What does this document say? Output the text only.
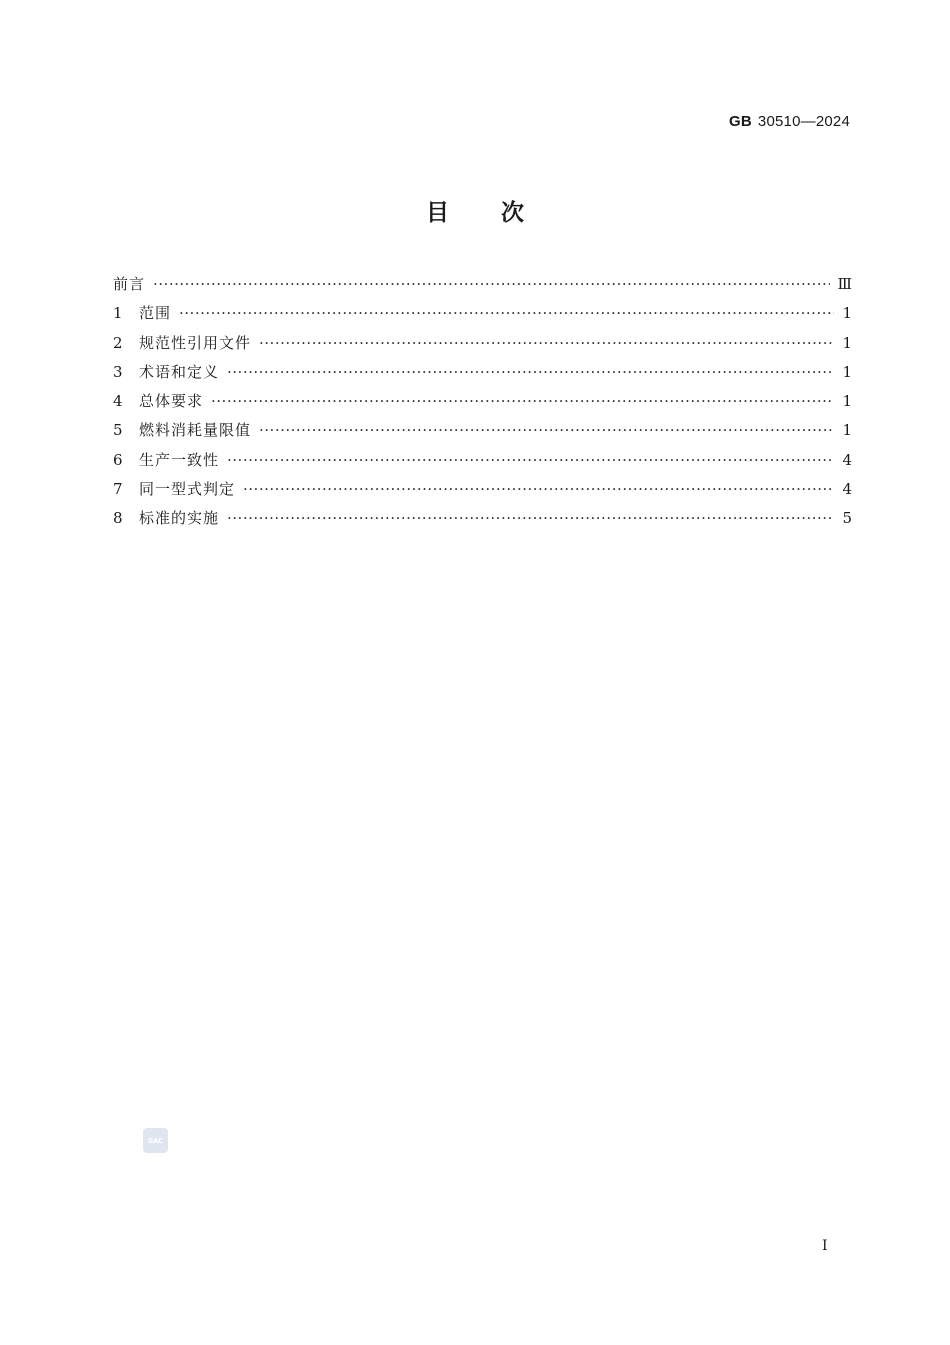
GB 30510—2024
目次
前言 ·····	Ⅲ
1	范围 ·····	1
2	规范性引用文件 ·····	1
3	术语和定义 ·····	1
4	总体要求 ·····	1
5	燃料消耗量限值 ·····	1
6	生产一致性 ·····	4
7	同一型式判定 ·····	4
8	标准的实施 ·····	5
SAC
I
